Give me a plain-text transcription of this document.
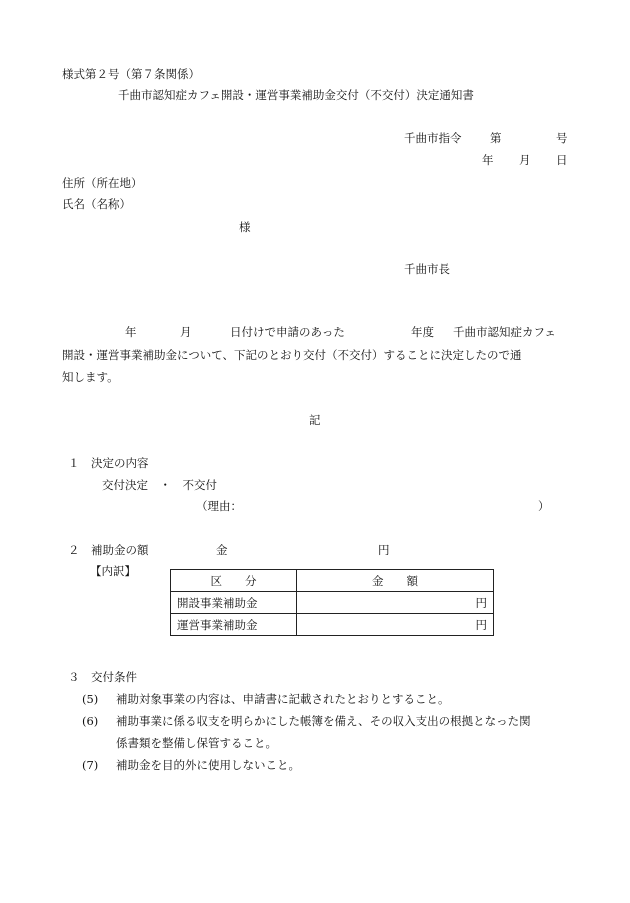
様式第２号（第７条関係）
千曲市認知症カフェ開設・運営事業補助金交付（不交付）決定通知書
千曲市指令 第	号
年 月 日
住所（所在地）
氏名（名称）
様
千曲市長
年	月	日付けで申請のあった	年度 千曲市認知症カフェ
開設・運営事業補助金について、下記のとおり交付（不交付）することに決定したので通
知します。
記
１　決定の内容
交付決定　・　不交付
（理由：	）
２　補助金の額	金	円
【内訳】
区　　分	金　　額
開設事業補助金	円
運営事業補助金	円
３　交付条件
(5) 補助対象事業の内容は、申請書に記載されたとおりとすること。
(6) 補助事業に係る収支を明らかにした帳簿を備え、その収入支出の根拠となった関
係書類を整備し保管すること。
(7) 補助金を目的外に使用しないこと。
